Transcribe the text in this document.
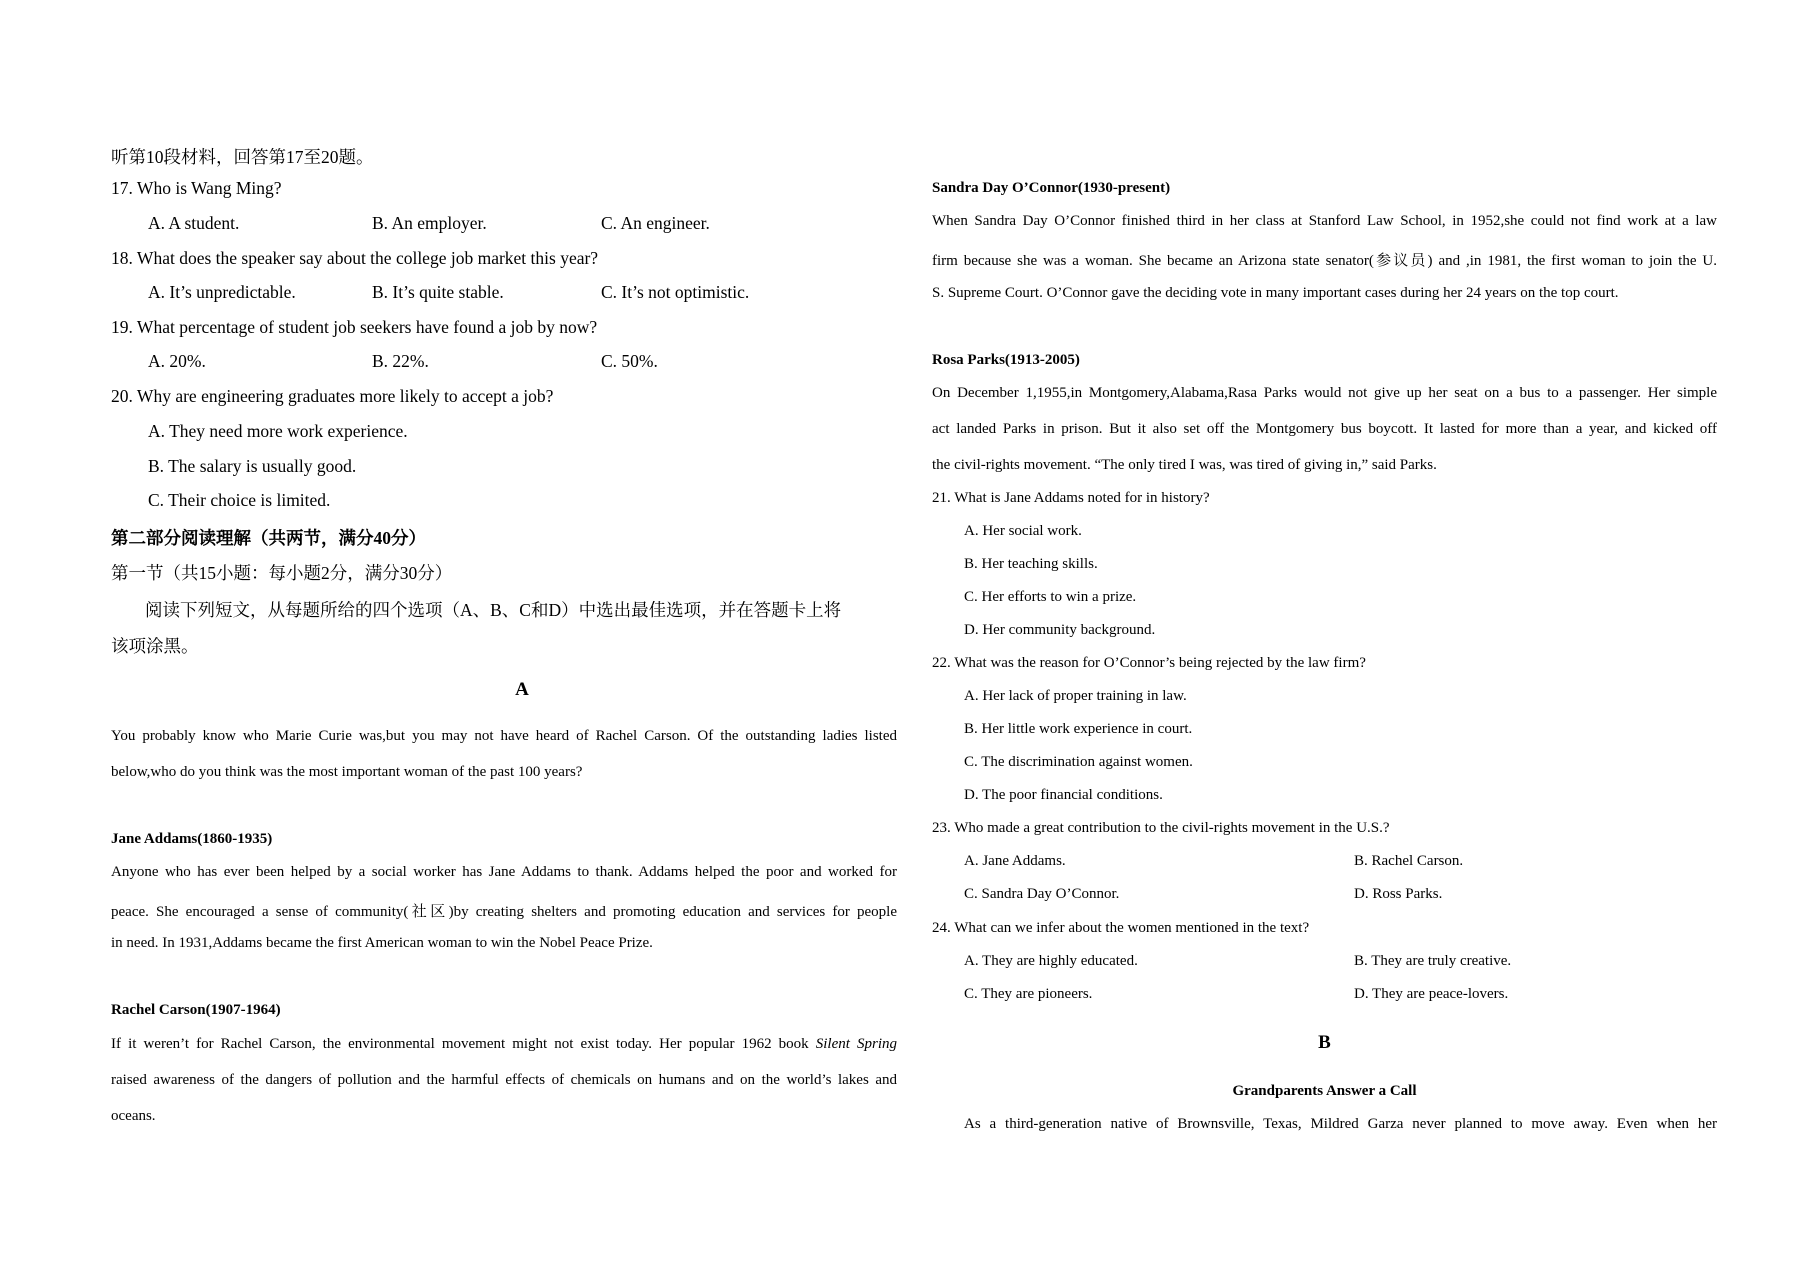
听第10段材料，回答第17至20题。
17. Who is Wang Ming?
A. A student.	B. An employer.	C. An engineer.
18. What does the speaker say about the college job market this year?
A. It’s unpredictable.	B. It’s quite stable.	C. It’s not optimistic.
19. What percentage of student job seekers have found a job by now?
A. 20%.	B. 22%.	C. 50%.
20. Why are engineering graduates more likely to accept a job?
A. They need more work experience.
B. The salary is usually good.
C. Their choice is limited.
第二部分阅读理解（共两节，满分40分）
第一节（共15小题：每小题2分，满分30分）
阅读下列短文，从每题所给的四个选项（A、B、C和D）中选出最佳选项，并在答题卡上将
该项涂黑。
A
You probably know who Marie Curie was,but you may not have heard of Rachel Carson. Of the outstanding ladies listed
below,who do you think was the most important woman of the past 100 years?
Jane Addams(1860-1935)
Anyone who has ever been helped by a social worker has Jane Addams to thank. Addams helped the poor and worked for
peace. She encouraged a sense of community(社区)by creating shelters and promoting education and services for people
in need. In 1931,Addams became the first American woman to win the Nobel Peace Prize.
Rachel Carson(1907-1964)
If it weren’t for Rachel Carson, the environmental movement might not exist today. Her popular 1962 book Silent Spring
raised awareness of the dangers of pollution and the harmful effects of chemicals on humans and on the world’s lakes and
oceans.
Sandra Day O’Connor(1930-present)
When Sandra Day O’Connor finished third in her class at Stanford Law School, in 1952,she could not find work at a law
firm because she was a woman. She became an Arizona state senator(参议员) and ,in 1981, the first woman to join the U.
S. Supreme Court. O’Connor gave the deciding vote in many important cases during her 24 years on the top court.
Rosa Parks(1913-2005)
On December 1,1955,in Montgomery,Alabama,Rasa Parks would not give up her seat on a bus to a passenger. Her simple
act landed Parks in prison. But it also set off the Montgomery bus boycott. It lasted for more than a year, and kicked off
the civil-rights movement. “The only tired I was, was tired of giving in,” said Parks.
21. What is Jane Addams noted for in history?
A. Her social work.
B. Her teaching skills.
C. Her efforts to win a prize.
D. Her community background.
22. What was the reason for O’Connor’s being rejected by the law firm?
A. Her lack of proper training in law.
B. Her little work experience in court.
C. The discrimination against women.
D. The poor financial conditions.
23. Who made a great contribution to the civil-rights movement in the U.S.?
A. Jane Addams.	B. Rachel Carson.
C. Sandra Day O’Connor.	D. Ross Parks.
24. What can we infer about the women mentioned in the text?
A. They are highly educated.	B. They are truly creative.
C. They are pioneers.	D. They are peace-lovers.
B
Grandparents Answer a Call
As a third-generation native of Brownsville, Texas, Mildred Garza never planned to move away. Even when her
